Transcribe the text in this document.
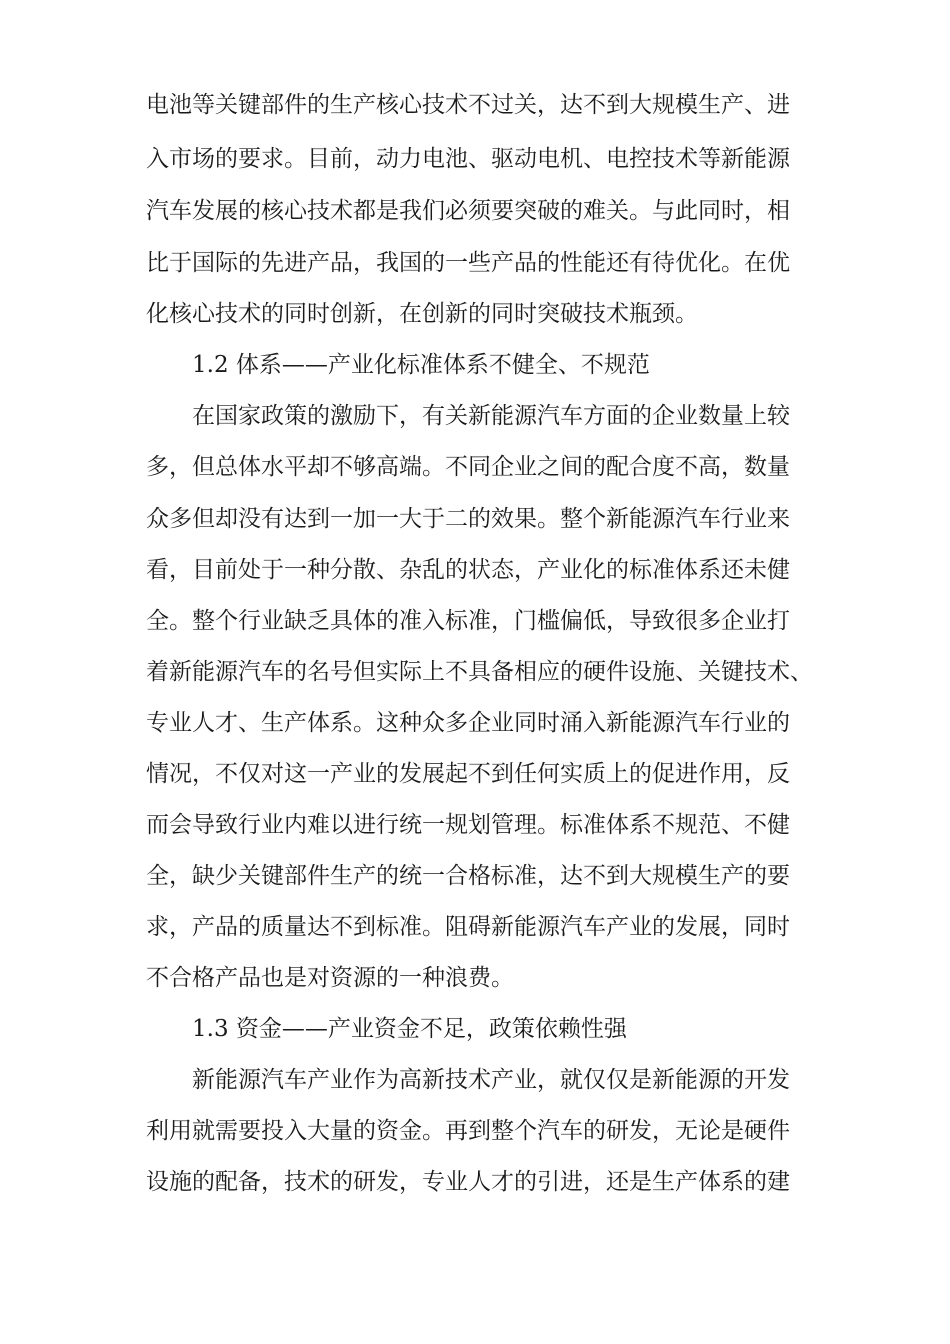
电池等关键部件的生产核心技术不过关，达不到大规模生产、进
入市场的要求。目前，动力电池、驱动电机、电控技术等新能源
汽车发展的核心技术都是我们必须要突破的难关。与此同时，相
比于国际的先进产品，我国的一些产品的性能还有待优化。在优
化核心技术的同时创新，在创新的同时突破技术瓶颈。
1.2 体系——产业化标准体系不健全、不规范
在国家政策的激励下，有关新能源汽车方面的企业数量上较
多，但总体水平却不够高端。不同企业之间的配合度不高，数量
众多但却没有达到一加一大于二的效果。整个新能源汽车行业来
看，目前处于一种分散、杂乱的状态，产业化的标准体系还未健
全。整个行业缺乏具体的准入标准，门槛偏低，导致很多企业打
着新能源汽车的名号但实际上不具备相应的硬件设施、关键技术、
专业人才、生产体系。这种众多企业同时涌入新能源汽车行业的
情况，不仅对这一产业的发展起不到任何实质上的促进作用，反
而会导致行业内难以进行统一规划管理。标准体系不规范、不健
全，缺少关键部件生产的统一合格标准，达不到大规模生产的要
求，产品的质量达不到标准。阻碍新能源汽车产业的发展，同时
不合格产品也是对资源的一种浪费。
1.3 资金——产业资金不足，政策依赖性强
新能源汽车产业作为高新技术产业，就仅仅是新能源的开发
利用就需要投入大量的资金。再到整个汽车的研发，无论是硬件
设施的配备，技术的研发，专业人才的引进，还是生产体系的建
